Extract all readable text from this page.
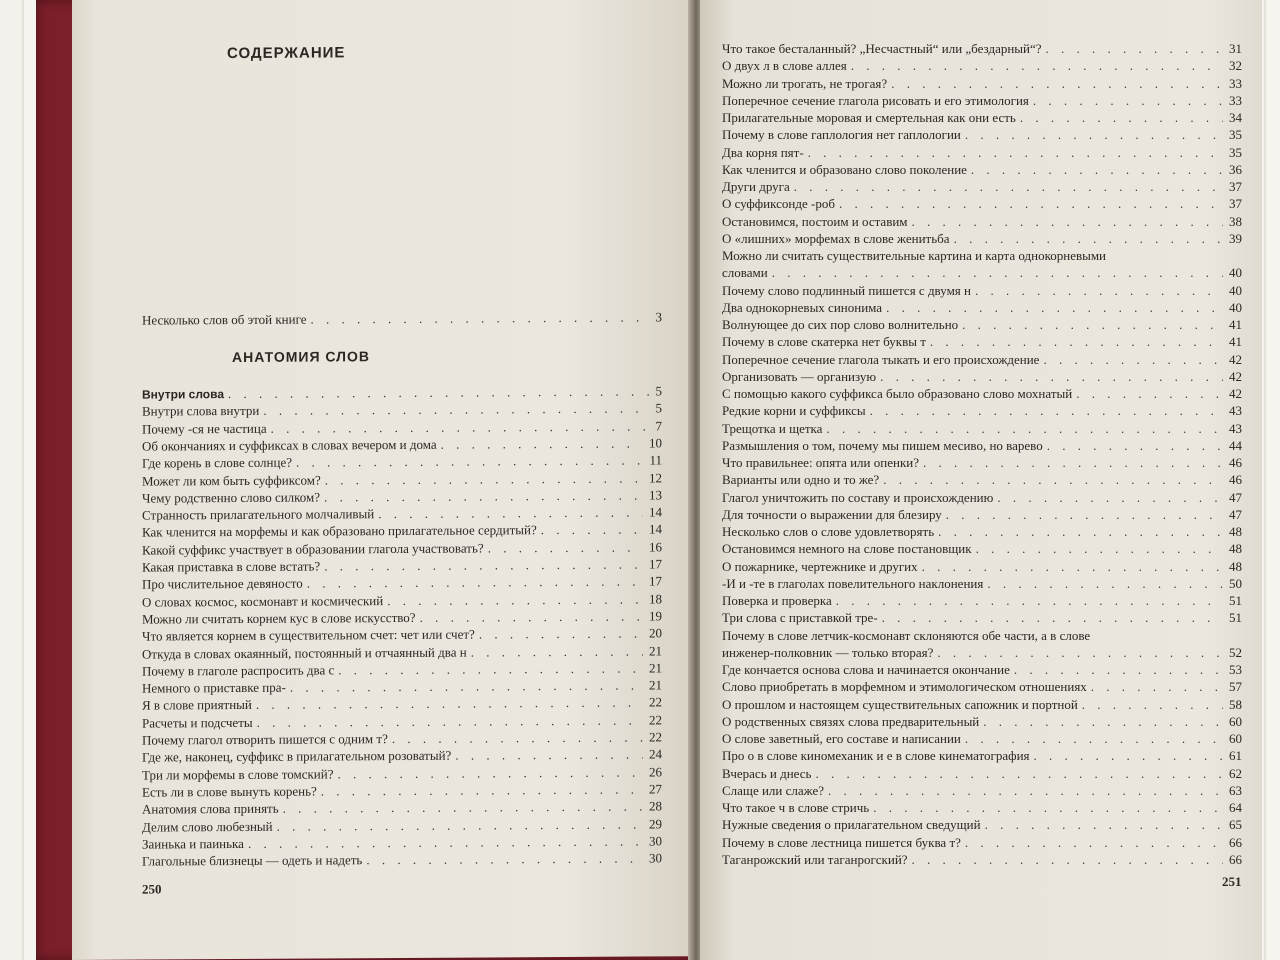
СОДЕРЖАНИЕ
Несколько слов об этой книге . . .	3
АНАТОМИЯ СЛОВ
Внутри слова . . .	5
Внутри слова внутри . . .	5
Почему -ся не частица . . .	7
Об окончаниях и суффиксах в словах вечером и дома . . .	10
Где корень в слове солнце? . . .	11
Может ли ком быть суффиксом? . . .	12
Чему родственно слово силком? . . .	13
Странность прилагательного молчаливый . . .	14
Как членится на морфемы и как образовано прилагательное сердитый? . . .	14
Какой суффикс участвует в образовании глагола участвовать? . . .	16
Какая приставка в слове встать? . . .	17
Про числительное девяносто . . .	17
О словах космос, космонавт и космический . . .	18
Можно ли считать корнем кус в слове искусство? . . .	19
Что является корнем в существительном счет: чет или счет? . . .	20
Откуда в словах окаянный, постоянный и отчаянный два н . . .	21
Почему в глаголе распросить два с . . .	21
Немного о приставке пра- . . .	21
Я в слове приятный . . .	22
Расчеты и подсчеты . . .	22
Почему глагол отворить пишется с одним т? . . .	22
Где же, наконец, суффикс в прилагательном розоватый? . . .	24
Три ли морфемы в слове томский? . . .	26
Есть ли в слове вынуть корень? . . .	27
Анатомия слова принять . . .	28
Делим слово любезный . . .	29
Заинька и паинька . . .	30
Глагольные близнецы — одеть и надеть . . .	30
250
Что такое бесталанный? „Несчастный“ или „бездарный“? . . .	31
О двух л в слове аллея . . .	32
Можно ли трогать, не трогая? . . .	33
Поперечное сечение глагола рисовать и его этимология . . .	33
Прилагательные моровая и смертельная как они есть . . .	34
Почему в слове гаплология нет гаплологии . . .	35
Два корня пят- . . .	35
Как членится и образовано слово поколение . . .	36
Други друга . . .	37
О суффиксонде -роб . . .	37
Остановимся, постоим и оставим . . .	38
О «лишних» морфемах в слове женитьба . . .	39
Можно ли считать существительные картина и карта однокорневыми
словами . . .	40
Почему слово подлинный пишется с двумя н . . .	40
Два однокорневых синонима . . .	40
Волнующее до сих пор слово волнительно . . .	41
Почему в слове скатерка нет буквы т . . .	41
Поперечное сечение глагола тыкать и его происхождение . . .	42
Организовать — организую . . .	42
С помощью какого суффикса было образовано слово мохнатый . . .	42
Редкие корни и суффиксы . . .	43
Трещотка и щетка . . .	43
Размышления о том, почему мы пишем месиво, но варево . . .	44
Что правильнее: опята или опенки? . . .	46
Варианты или одно и то же? . . .	46
Глагол уничтожить по составу и происхождению . . .	47
Для точности о выражении для блезиру . . .	47
Несколько слов о слове удовлетворять . . .	48
Остановимся немного на слове постановщик . . .	48
О пожарнике, чертежнике и других . . .	48
-И и -те в глаголах повелительного наклонения . . .	50
Поверка и проверка . . .	51
Три слова с приставкой тре- . . .	51
Почему в слове летчик-космонавт склоняются обе части, а в слове
инженер-полковник — только вторая? . . .	52
Где кончается основа слова и начинается окончание . . .	53
Слово приобретать в морфемном и этимологическом отношениях . . .	57
О прошлом и настоящем существительных сапожник и портной . . .	58
О родственных связях слова предварительный . . .	60
О слове заветный, его составе и написании . . .	60
Про о в слове киномеханик и е в слове кинематография . . .	61
Вчерась и днесь . . .	62
Слаще или слаже? . . .	63
Что такое ч в слове стричь . . .	64
Нужные сведения о прилагательном сведущий . . .	65
Почему в слове лестница пишется буква т? . . .	66
Таганрожский или таганрогский? . . .	66
251
